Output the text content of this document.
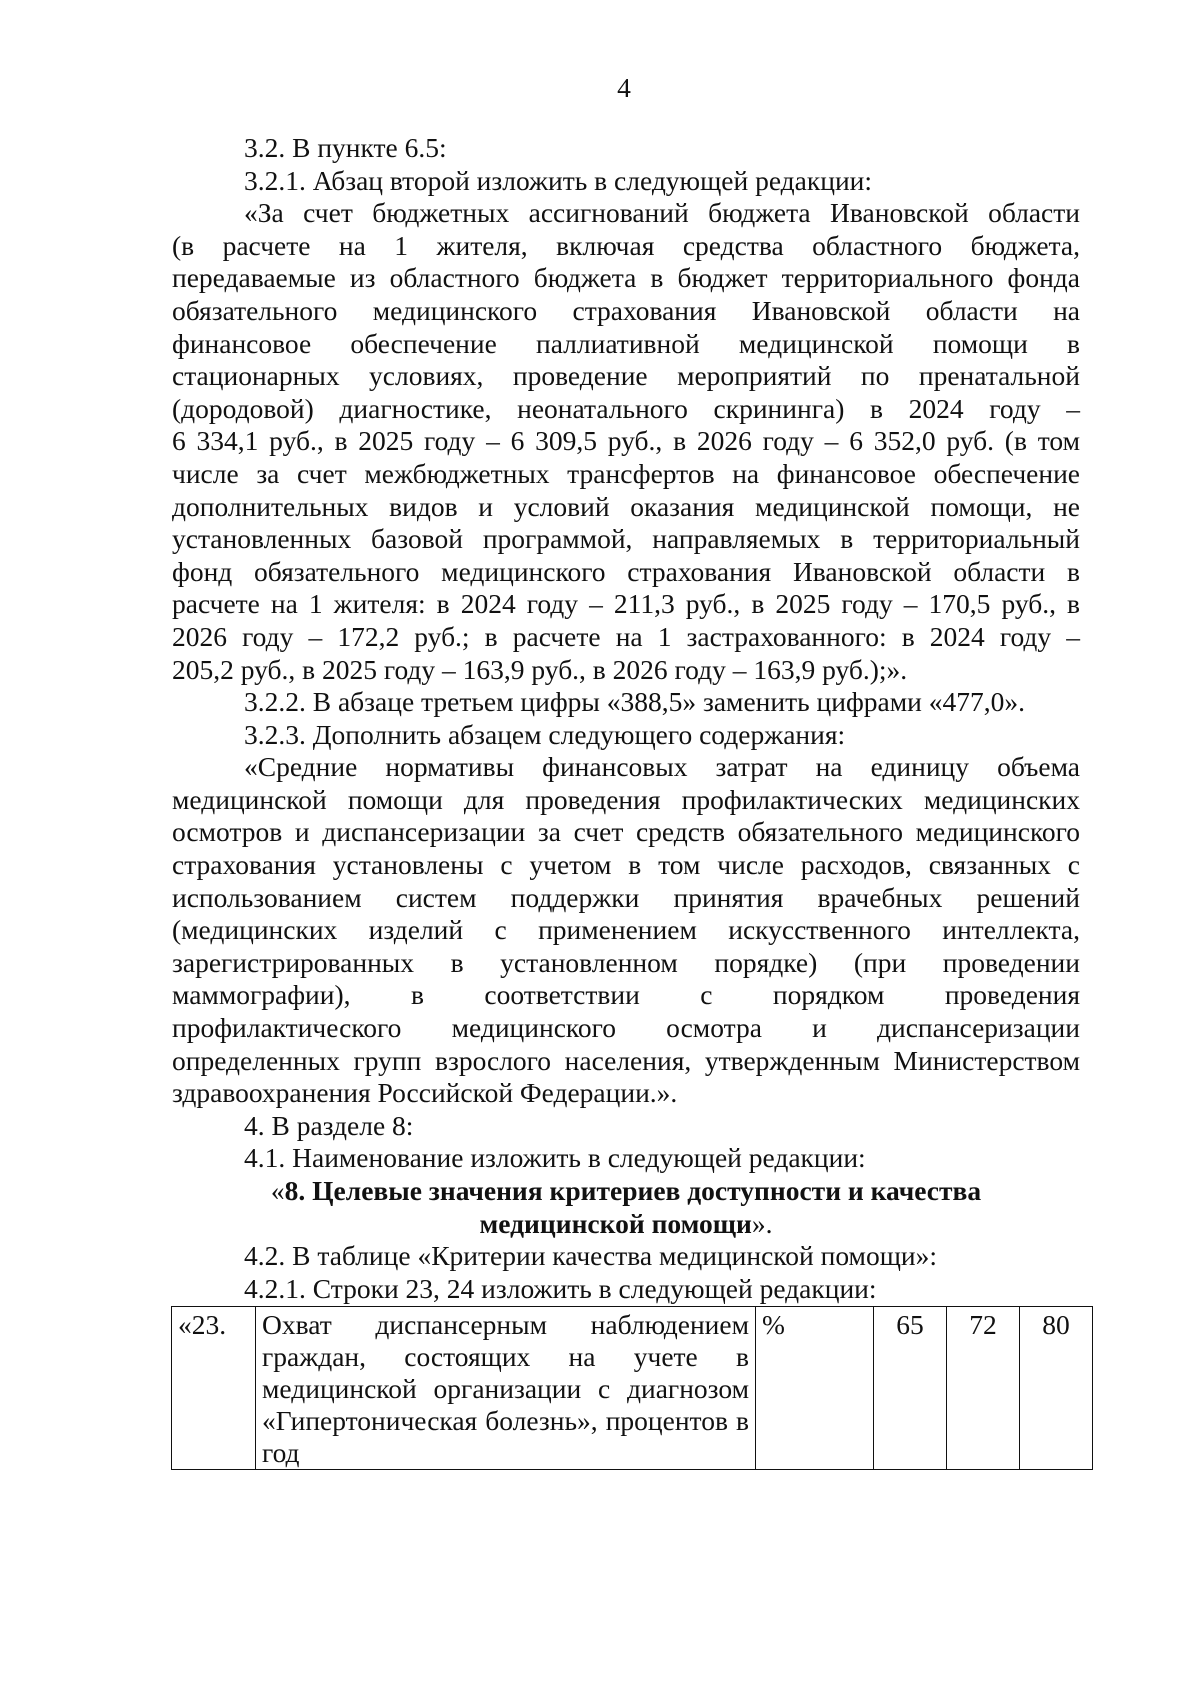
4
3.2. В пункте 6.5:
3.2.1. Абзац второй изложить в следующей редакции:
«За счет бюджетных ассигнований бюджета Ивановской области
(в расчете на 1 жителя, включая средства областного бюджета,
передаваемые из областного бюджета в бюджет территориального фонда
обязательного медицинского страхования Ивановской области на
финансовое обеспечение паллиативной медицинской помощи в
стационарных условиях, проведение мероприятий по пренатальной
(дородовой) диагностике, неонатального скрининга) в 2024 году –
6 334,1 руб., в 2025 году – 6 309,5 руб., в 2026 году – 6 352,0 руб. (в том
числе за счет межбюджетных трансфертов на финансовое обеспечение
дополнительных видов и условий оказания медицинской помощи, не
установленных базовой программой, направляемых в территориальный
фонд обязательного медицинского страхования Ивановской области в
расчете на 1 жителя: в 2024 году – 211,3 руб., в 2025 году – 170,5 руб., в
2026 году – 172,2 руб.; в расчете на 1 застрахованного: в 2024 году –
205,2 руб., в 2025 году – 163,9 руб., в 2026 году – 163,9 руб.);».
3.2.2. В абзаце третьем цифры «388,5» заменить цифрами «477,0».
3.2.3. Дополнить абзацем следующего содержания:
«Средние нормативы финансовых затрат на единицу объема
медицинской помощи для проведения профилактических медицинских
осмотров и диспансеризации за счет средств обязательного медицинского
страхования установлены с учетом в том числе расходов, связанных с
использованием систем поддержки принятия врачебных решений
(медицинских изделий с применением искусственного интеллекта,
зарегистрированных в установленном порядке) (при проведении
маммографии), в соответствии с порядком проведения
профилактического медицинского осмотра и диспансеризации
определенных групп взрослого населения, утвержденным Министерством
здравоохранения Российской Федерации.».
4. В разделе 8:
4.1. Наименование изложить в следующей редакции:
«8. Целевые значения критериев доступности и качества
медицинской помощи».
4.2. В таблице «Критерии качества медицинской помощи»:
4.2.1. Строки 23, 24 изложить в следующей редакции:
«23.	Охват диспансерным наблюдением граждан, состоящих на учете в медицинской организации с диагнозом «Гипертоническая болезнь», процентов в год	%	65	72	80
